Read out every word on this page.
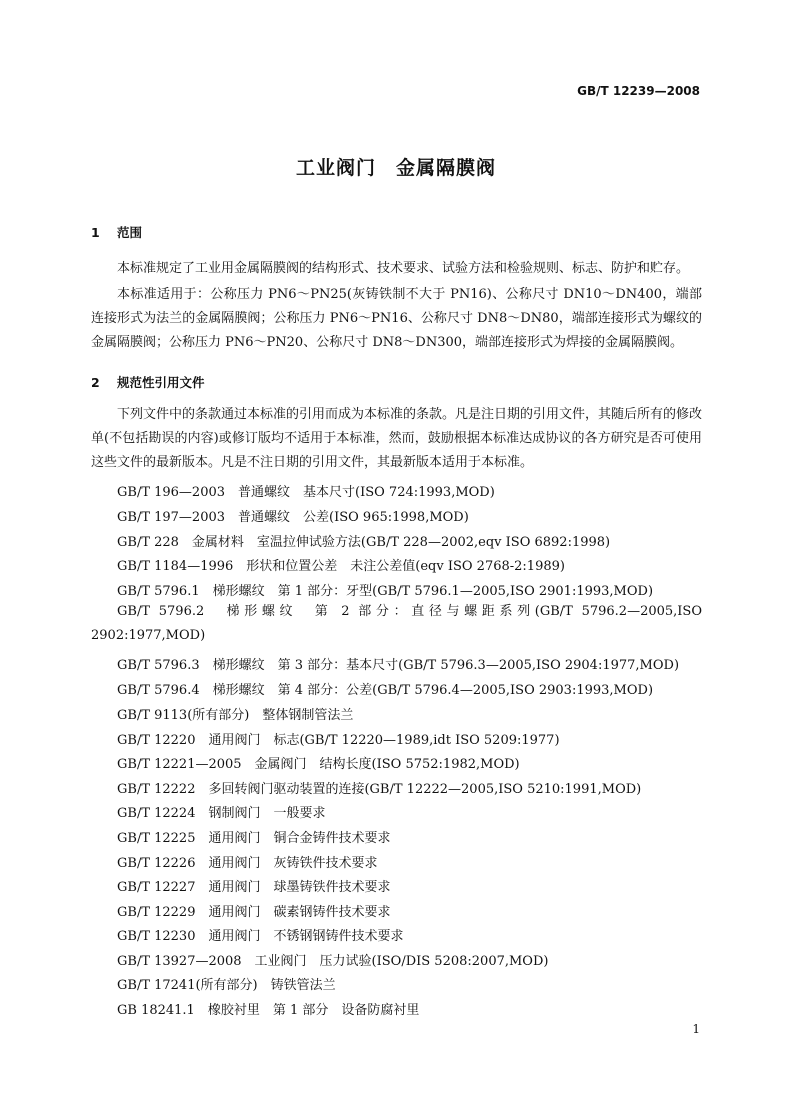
GB/T 12239—2008
工业阀门　金属隔膜阀
1 范围
本标准规定了工业用金属隔膜阀的结构形式、技术要求、试验方法和检验规则、标志、防护和贮存。
本标准适用于：公称压力 PN6～PN25(灰铸铁制不大于 PN16)、公称尺寸 DN10～DN400，端部连接形式为法兰的金属隔膜阀；公称压力 PN6～PN16、公称尺寸 DN8～DN80，端部连接形式为螺纹的金属隔膜阀；公称压力 PN6～PN20、公称尺寸 DN8～DN300，端部连接形式为焊接的金属隔膜阀。
2 规范性引用文件
下列文件中的条款通过本标准的引用而成为本标准的条款。凡是注日期的引用文件，其随后所有的修改单(不包括勘误的内容)或修订版均不适用于本标准，然而，鼓励根据本标准达成协议的各方研究是否可使用这些文件的最新版本。凡是不注日期的引用文件，其最新版本适用于本标准。
GB/T 196—2003　普通螺纹　基本尺寸(ISO 724:1993,MOD)
GB/T 197—2003　普通螺纹　公差(ISO 965:1998,MOD)
GB/T 228　金属材料　室温拉伸试验方法(GB/T 228—2002,eqv ISO 6892:1998)
GB/T 1184—1996　形状和位置公差　未注公差值(eqv ISO 2768-2:1989)
GB/T 5796.1　梯形螺纹　第 1 部分：牙型(GB/T 5796.1—2005,ISO 2901:1993,MOD)
GB/T 5796.2　梯形螺纹　第 2 部分：直径与螺距系列(GB/T 5796.2—2005,ISO 2902:1977,MOD)
GB/T 5796.3　梯形螺纹　第 3 部分：基本尺寸(GB/T 5796.3—2005,ISO 2904:1977,MOD)
GB/T 5796.4　梯形螺纹　第 4 部分：公差(GB/T 5796.4—2005,ISO 2903:1993,MOD)
GB/T 9113(所有部分)　整体钢制管法兰
GB/T 12220　通用阀门　标志(GB/T 12220—1989,idt ISO 5209:1977)
GB/T 12221—2005　金属阀门　结构长度(ISO 5752:1982,MOD)
GB/T 12222　多回转阀门驱动装置的连接(GB/T 12222—2005,ISO 5210:1991,MOD)
GB/T 12224　钢制阀门　一般要求
GB/T 12225　通用阀门　铜合金铸件技术要求
GB/T 12226　通用阀门　灰铸铁件技术要求
GB/T 12227　通用阀门　球墨铸铁件技术要求
GB/T 12229　通用阀门　碳素钢铸件技术要求
GB/T 12230　通用阀门　不锈钢钢铸件技术要求
GB/T 13927—2008　工业阀门　压力试验(ISO/DIS 5208:2007,MOD)
GB/T 17241(所有部分)　铸铁管法兰
GB 18241.1　橡胶衬里　第 1 部分　设备防腐衬里
1
